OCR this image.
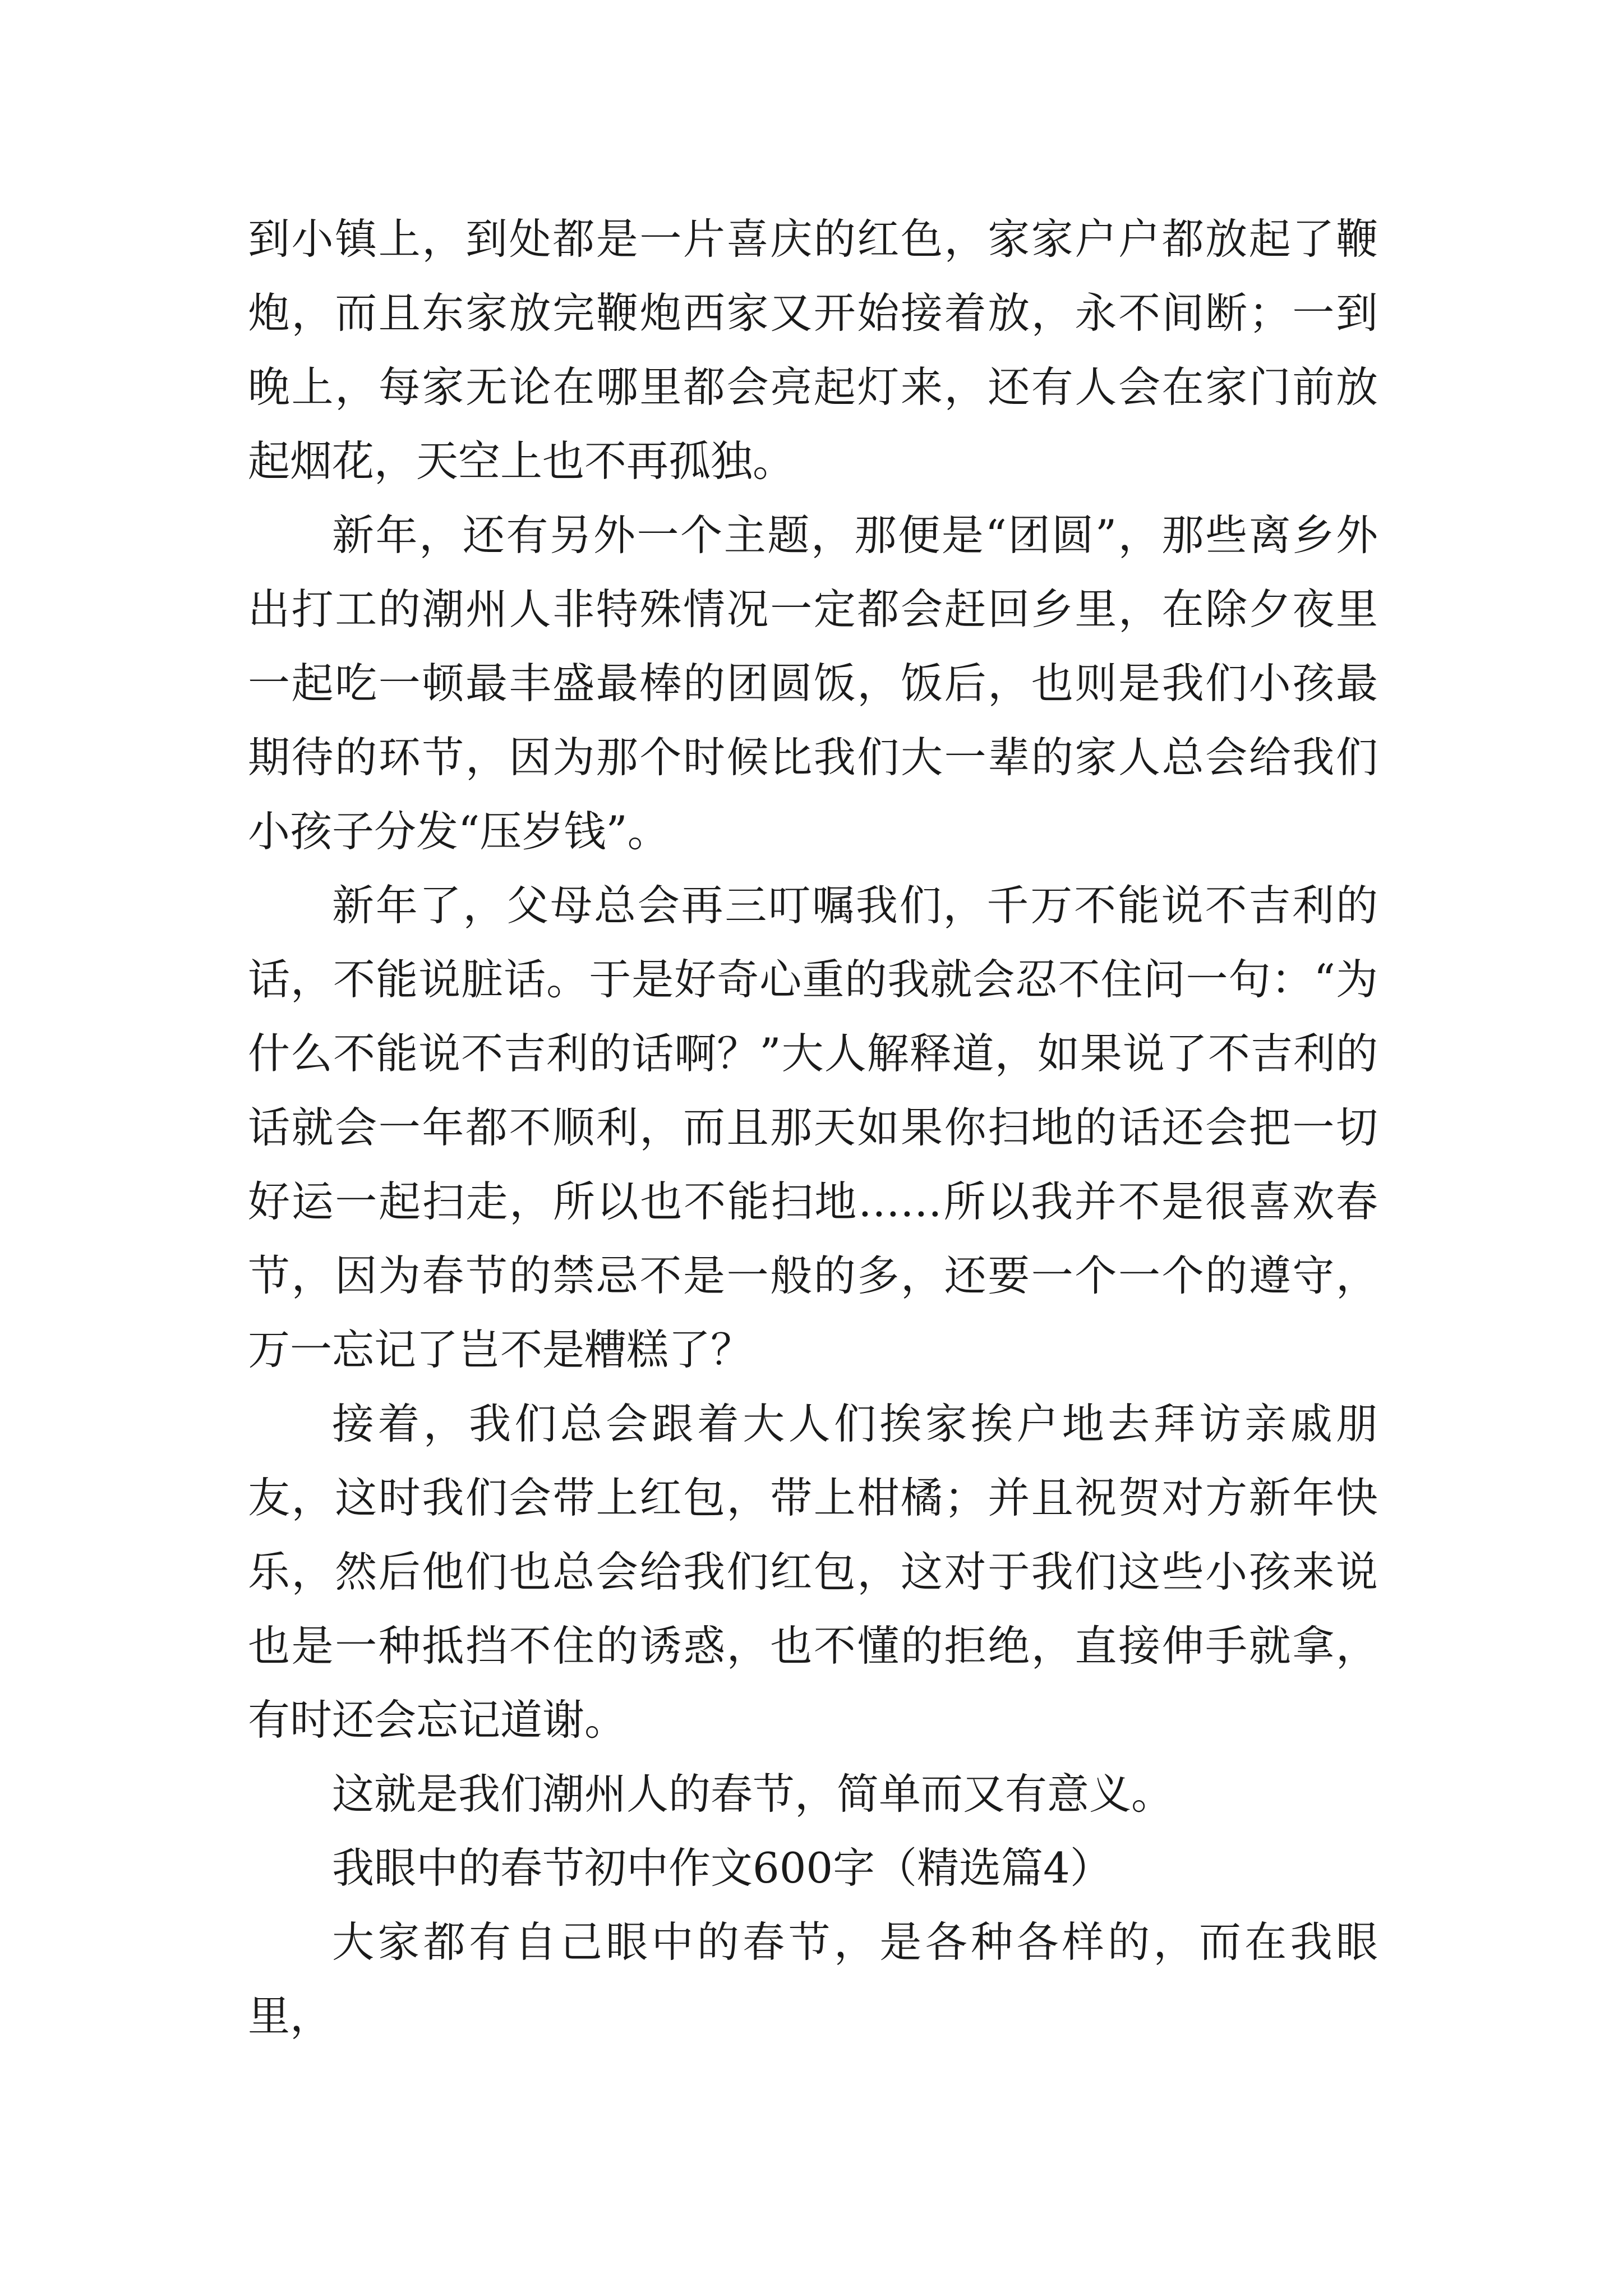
到小镇上，到处都是一片喜庆的红色，家家户户都放起了鞭炮，而且东家放完鞭炮西家又开始接着放，永不间断；一到晚上，每家无论在哪里都会亮起灯来，还有人会在家门前放起烟花，天空上也不再孤独。

新年，还有另外一个主题，那便是“团圆”，那些离乡外出打工的潮州人非特殊情况一定都会赶回乡里，在除夕夜里一起吃一顿最丰盛最棒的团圆饭，饭后，也则是我们小孩最期待的环节，因为那个时候比我们大一辈的家人总会给我们小孩子分发“压岁钱”。

新年了，父母总会再三叮嘱我们，千万不能说不吉利的话，不能说脏话。于是好奇心重的我就会忍不住问一句：“为什么不能说不吉利的话啊？”大人解释道，如果说了不吉利的话就会一年都不顺利，而且那天如果你扫地的话还会把一切好运一起扫走，所以也不能扫地……所以我并不是很喜欢春节，因为春节的禁忌不是一般的多，还要一个一个的遵守，万一忘记了岂不是糟糕了？

接着，我们总会跟着大人们挨家挨户地去拜访亲戚朋友，这时我们会带上红包，带上柑橘；并且祝贺对方新年快乐，然后他们也总会给我们红包，这对于我们这些小孩来说也是一种抵挡不住的诱惑，也不懂的拒绝，直接伸手就拿，有时还会忘记道谢。

这就是我们潮州人的春节，简单而又有意义。

我眼中的春节初中作文600字（精选篇4）

大家都有自己眼中的春节，是各种各样的，而在我眼里，
